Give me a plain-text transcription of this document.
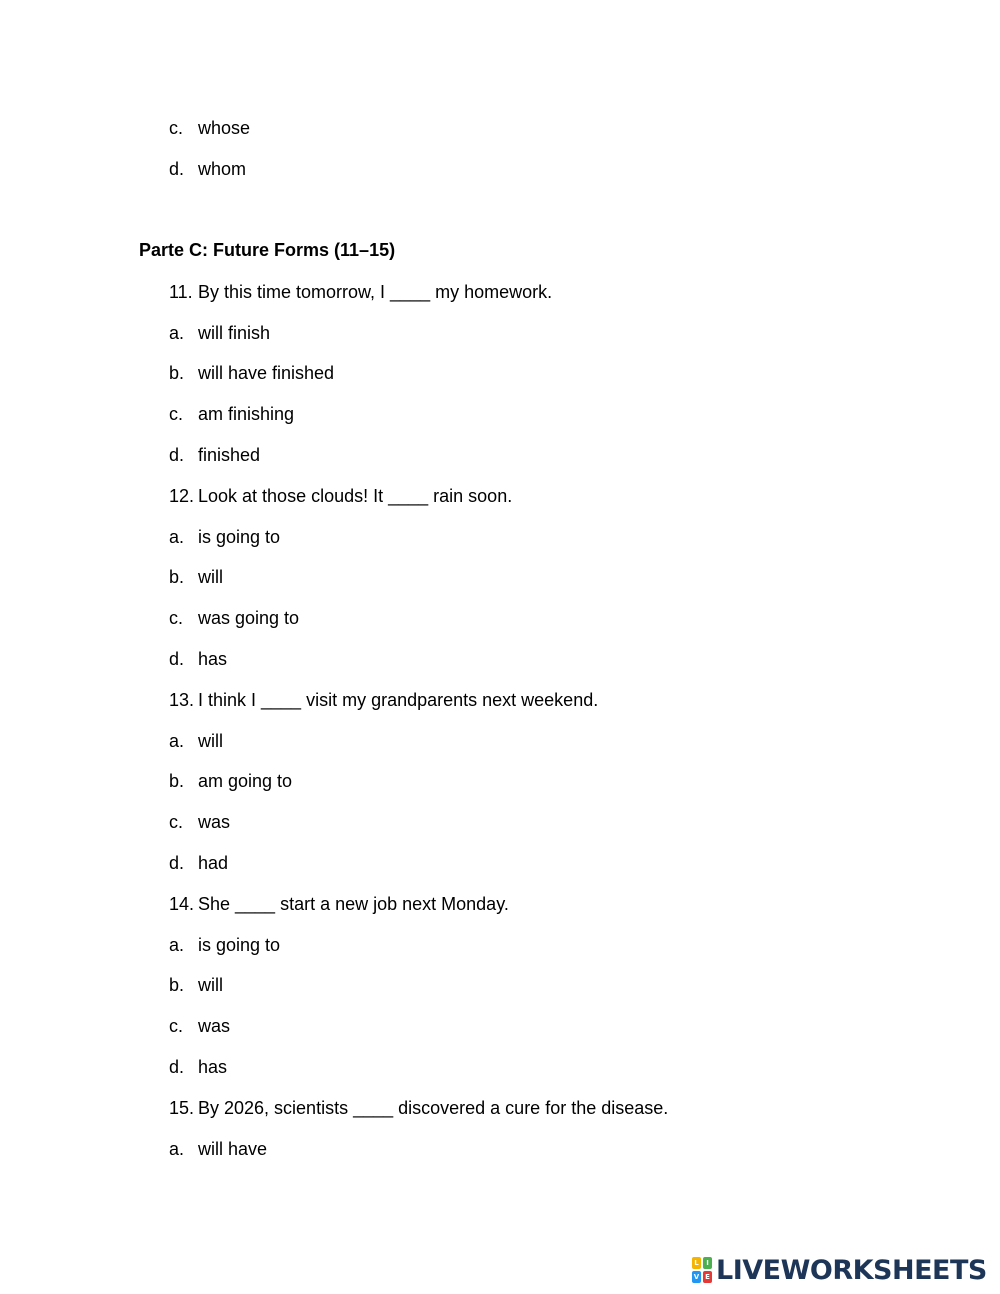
c. whose
d. whom
Parte C: Future Forms (11–15)
11. By this time tomorrow, I ____ my homework.
a. will finish
b. will have finished
c. am finishing
d. finished
12. Look at those clouds! It ____ rain soon.
a. is going to
b. will
c. was going to
d. has
13. I think I ____ visit my grandparents next weekend.
a. will
b. am going to
c. was
d. had
14. She ____ start a new job next Monday.
a. is going to
b. will
c. was
d. has
15. By 2026, scientists ____ discovered a cure for the disease.
a. will have
L	I
V E LIVEWORKSHEETS
